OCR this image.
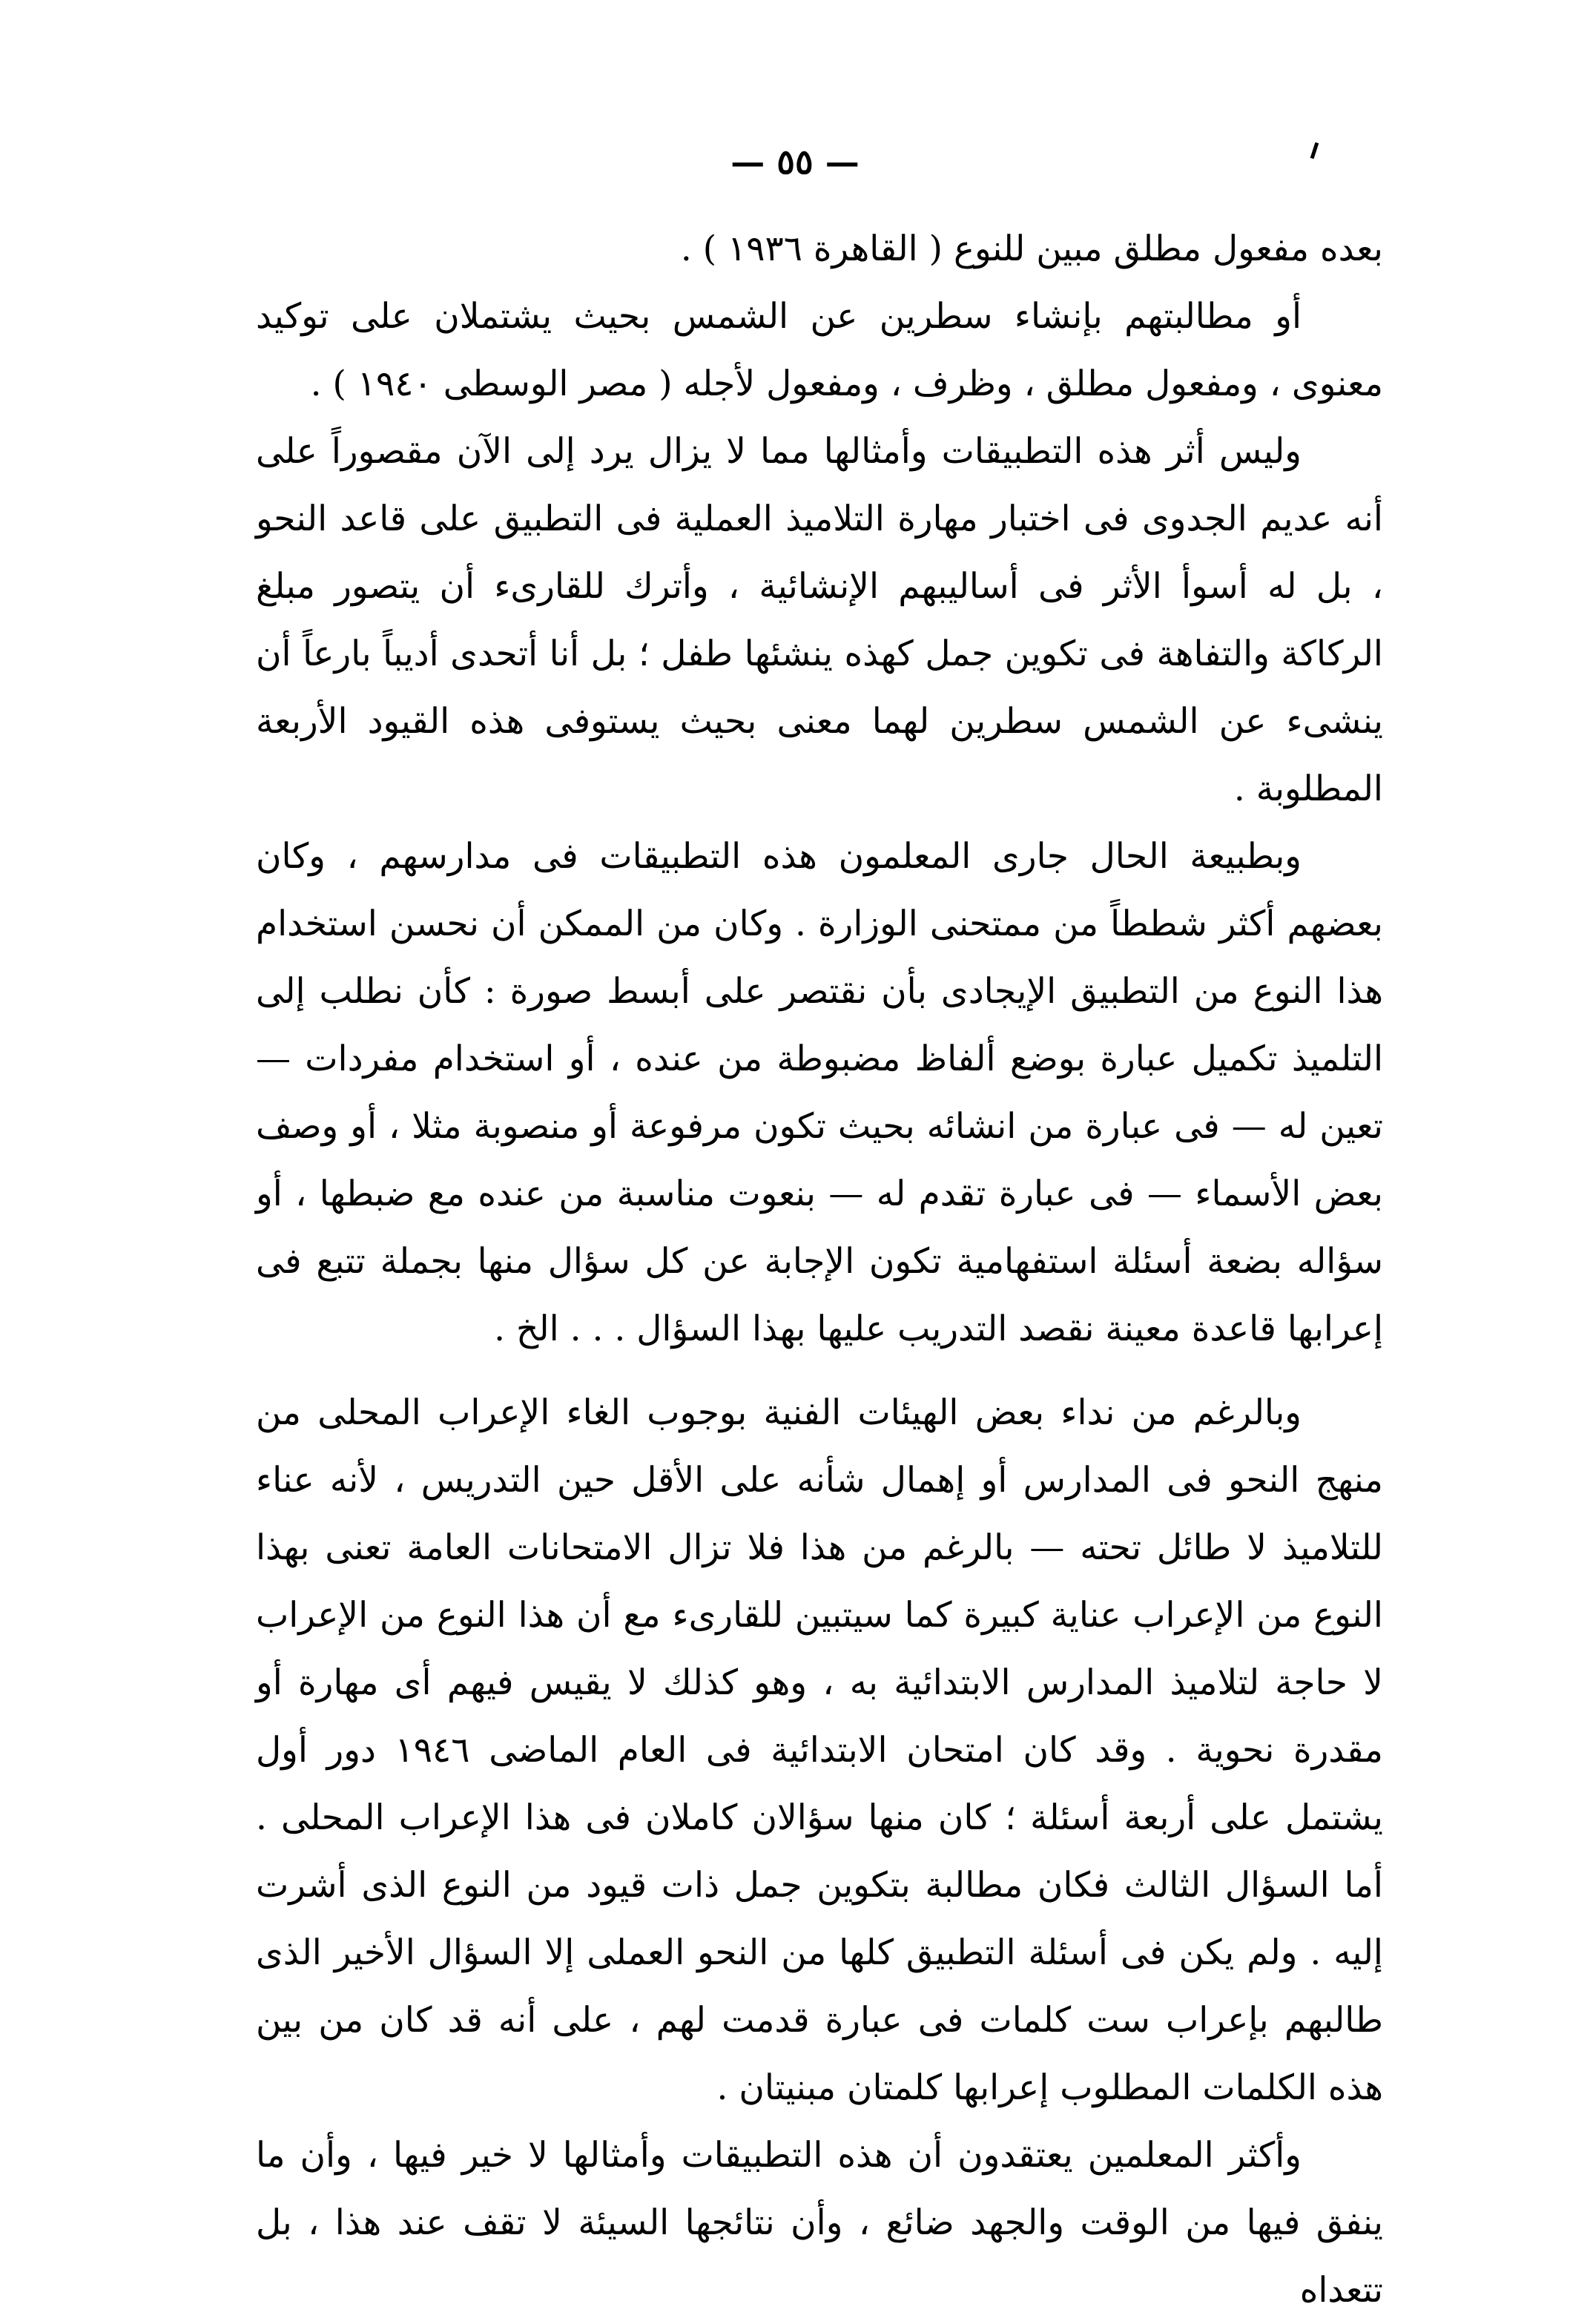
— ٥٥ —

بعده مفعول مطلق مبين للنوع ( القاهرة ١٩٣٦ ) .

أو مطالبتهم بإنشاء سطرين عن الشمس بحيث يشتملان على توكيد معنوى ، ومفعول مطلق ، وظرف ، ومفعول لأجله ( مصر الوسطى ١٩٤٠ ) .

وليس أثر هذه التطبيقات وأمثالها مما لا يزال يرد إلى الآن مقصوراً على أنه عديم الجدوى فى اختبار مهارة التلاميذ العملية فى التطبيق على قاعد النحو ، بل له أسوأ الأثر فى أساليبهم الإنشائية ، وأترك للقارىء أن يتصور مبلغ الركاكة والتفاهة فى تكوين جمل كهذه ينشئها طفل ؛ بل أنا أتحدى أديباً بارعاً أن ينشىء عن الشمس سطرين لهما معنى بحيث يستوفى هذه القيود الأربعة المطلوبة .

وبطبيعة الحال جارى المعلمون هذه التطبيقات فى مدارسهم ، وكان بعضهم أكثر شططاً من ممتحنى الوزارة . وكان من الممكن أن نحسن استخدام هذا النوع من التطبيق الإيجادى بأن نقتصر على أبسط صورة : كأن نطلب إلى التلميذ تكميل عبارة بوضع ألفاظ مضبوطة من عنده ، أو استخدام مفردات — تعين له — فى عبارة من انشائه بحيث تكون مرفوعة أو منصوبة مثلا ، أو وصف بعض الأسماء — فى عبارة تقدم له — بنعوت مناسبة من عنده مع ضبطها ، أو سؤاله بضعة أسئلة استفهامية تكون الإجابة عن كل سؤال منها بجملة تتبع فى إعرابها قاعدة معينة نقصد التدريب عليها بهذا السؤال . . . الخ .

وبالرغم من نداء بعض الهيئات الفنية بوجوب الغاء الإعراب المحلى من منهج النحو فى المدارس أو إهمال شأنه على الأقل حين التدريس ، لأنه عناء للتلاميذ لا طائل تحته — بالرغم من هذا فلا تزال الامتحانات العامة تعنى بهذا النوع من الإعراب عناية كبيرة كما سيتبين للقارىء مع أن هذا النوع من الإعراب لا حاجة لتلاميذ المدارس الابتدائية به ، وهو كذلك لا يقيس فيهم أى مهارة أو مقدرة نحوية . وقد كان امتحان الابتدائية فى العام الماضى ١٩٤٦ دور أول يشتمل على أربعة أسئلة ؛ كان منها سؤالان كاملان فى هذا الإعراب المحلى . أما السؤال الثالث فكان مطالبة بتكوين جمل ذات قيود من النوع الذى أشرت إليه . ولم يكن فى أسئلة التطبيق كلها من النحو العملى إلا السؤال الأخير الذى طالبهم بإعراب ست كلمات فى عبارة قدمت لهم ، على أنه قد كان من بين هذه الكلمات المطلوب إعرابها كلمتان مبنيتان .

وأكثر المعلمين يعتقدون أن هذه التطبيقات وأمثالها لا خير فيها ، وأن ما ينفق فيها من الوقت والجهد ضائع ، وأن نتائجها السيئة لا تقف عند هذا ، بل تتعداه
